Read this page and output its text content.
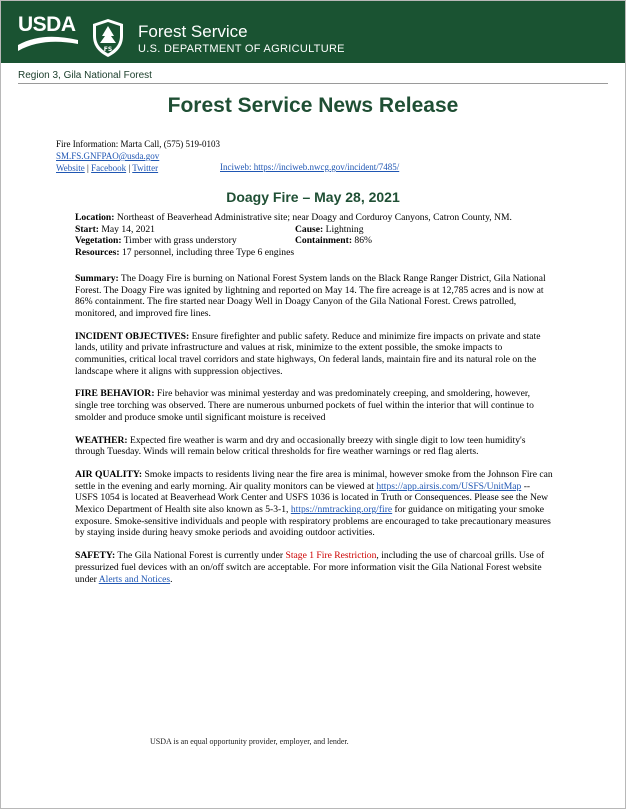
USDA
FS
Forest Service
U.S. DEPARTMENT OF AGRICULTURE
Region 3, Gila National Forest
Forest Service News Release
Fire Information: Marta Call, (575) 519-0103
SM.FS.GNFPAO@usda.gov
Website | Facebook | Twitter	Inciweb: https://inciweb.nwcg.gov/incident/7485/
Doagy Fire – May 28, 2021

Location: Northeast of Beaverhead Administrative site; near Doagy and Corduroy Canyons, Catron County, NM.

Start: May 14, 2021	Cause: Lightning
Vegetation: Timber with grass understory	Containment: 86%

Resources: 17 personnel, including three Type 6 engines

Summary: The Doagy Fire is burning on National Forest System lands on the Black Range Ranger District, Gila National Forest. The Doagy Fire was ignited by lightning and reported on May 14. The fire acreage is at 12,785 acres and is now at 86% containment. The fire started near Doagy Well in Doagy Canyon of the Gila National Forest. Crews patrolled, monitored, and improved fire lines.

INCIDENT OBJECTIVES: Ensure firefighter and public safety. Reduce and minimize fire impacts on private and state lands, utility and private infrastructure and values at risk, minimize to the extent possible, the smoke impacts to communities, critical local travel corridors and state highways, On federal lands, maintain fire and its natural role on the landscape where it aligns with suppression objectives.

FIRE BEHAVIOR: Fire behavior was minimal yesterday and was predominately creeping, and smoldering, however, single tree torching was observed. There are numerous unburned pockets of fuel within the interior that will continue to smolder and produce smoke until significant moisture is received

WEATHER: Expected fire weather is warm and dry and occasionally breezy with single digit to low teen humidity's through Tuesday. Winds will remain below critical thresholds for fire weather warnings or red flag alerts.

AIR QUALITY: Smoke impacts to residents living near the fire area is minimal, however smoke from the Johnson Fire can settle in the evening and early morning. Air quality monitors can be viewed at https://app.airsis.com/USFS/UnitMap -- USFS 1054 is located at Beaverhead Work Center and USFS 1036 is located in Truth or Consequences. Please see the New Mexico Department of Health site also known as 5-3-1, https://nmtracking.org/fire for guidance on mitigating your smoke exposure. Smoke-sensitive individuals and people with respiratory problems are encouraged to take precautionary measures by staying inside during heavy smoke periods and avoiding outdoor activities.

SAFETY: The Gila National Forest is currently under Stage 1 Fire Restriction, including the use of charcoal grills. Use of pressurized fuel devices with an on/off switch are acceptable. For more information visit the Gila National Forest website under Alerts and Notices.

USDA is an equal opportunity provider, employer, and lender.
